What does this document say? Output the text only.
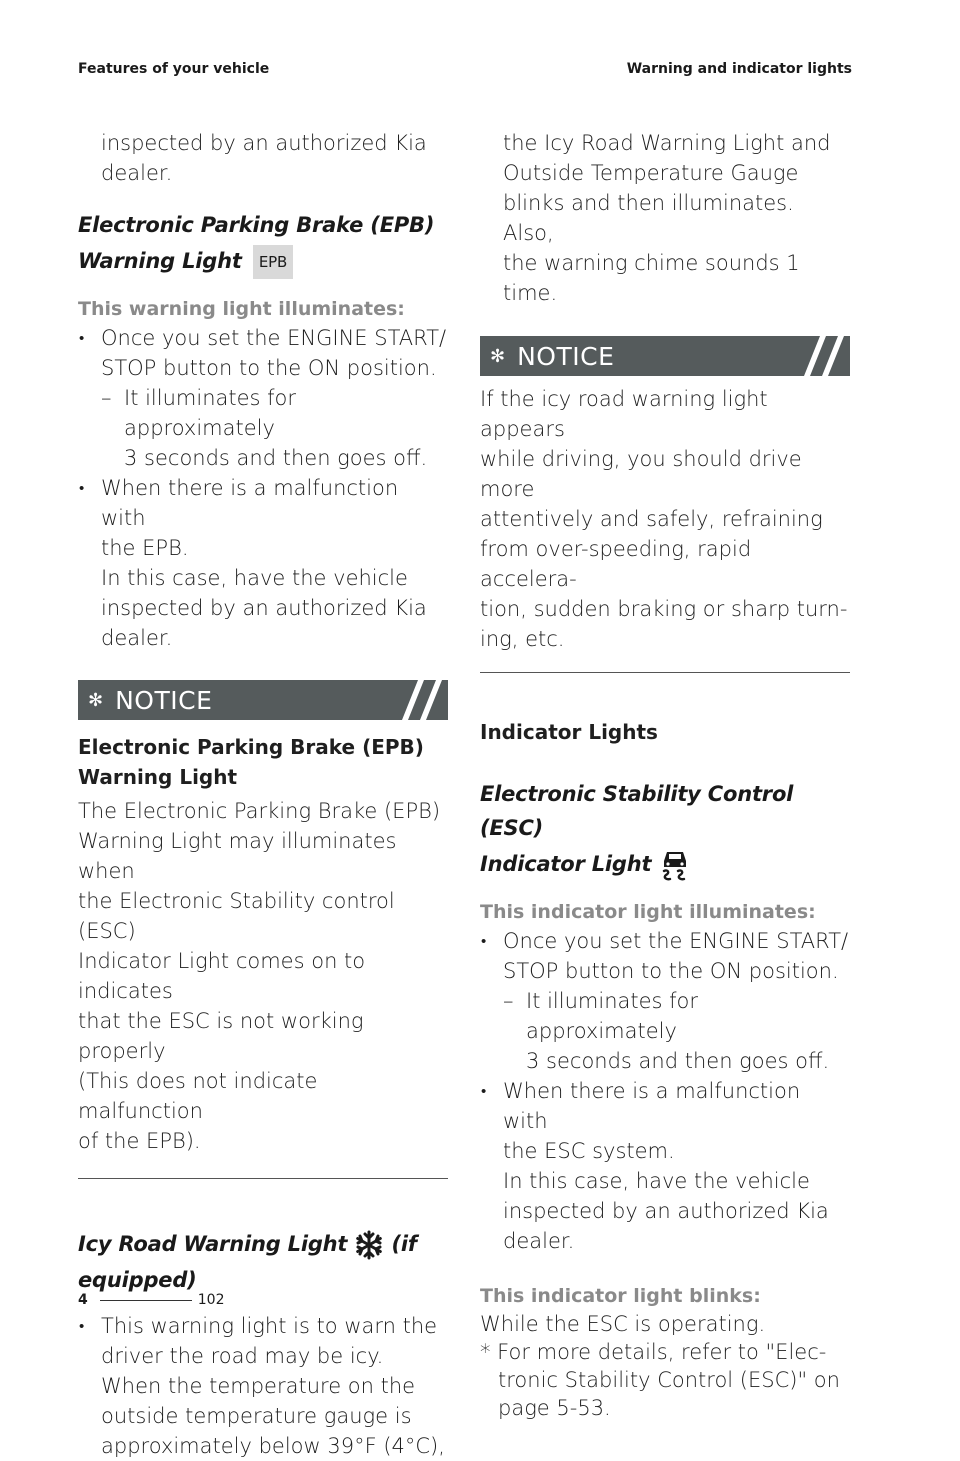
Features of your vehicle	Warning and indicator lights

inspected by an authorized Kia

dealer.

Electronic Parking Brake (EPB)
Warning Light EPB
This warning light illuminates:
• Once you set the ENGINE START/
STOP button to the ON position.
– It illuminates for approximately
3 seconds and then goes off.
• When there is a malfunction with
the EPB.
In this case, have the vehicle
inspected by an authorized Kia
dealer.
✻ NOTICE
Electronic Parking Brake (EPB)
Warning Light
The Electronic Parking Brake (EPB)
Warning Light may illuminates when
the Electronic Stability control (ESC)
Indicator Light comes on to indicates
that the ESC is not working properly
(This does not indicate malfunction
of the EPB).
Icy Road Warning Light (if
equipped)
• This warning light is to warn the
driver the road may be icy.
When the temperature on the
outside temperature gauge is
approximately below 39°F (4°C),
the Icy Road Warning Light and
Outside Temperature Gauge
blinks and then illuminates. Also,
the warning chime sounds 1 time.
✻ NOTICE
If the icy road warning light appears
while driving, you should drive more
attentively and safely, refraining
from over-speeding, rapid accelera-
tion, sudden braking or sharp turn-
ing, etc.
Indicator Lights
Electronic Stability Control (ESC)
Indicator Light
This indicator light illuminates:
• Once you set the ENGINE START/
STOP button to the ON position.
– It illuminates for approximately
3 seconds and then goes off.
• When there is a malfunction with
the ESC system.
In this case, have the vehicle
inspected by an authorized Kia
dealer.
This indicator light blinks:
While the ESC is operating.
* For more details, refer to "Elec-
tronic Stability Control (ESC)" on
page 5-53.
4	102
